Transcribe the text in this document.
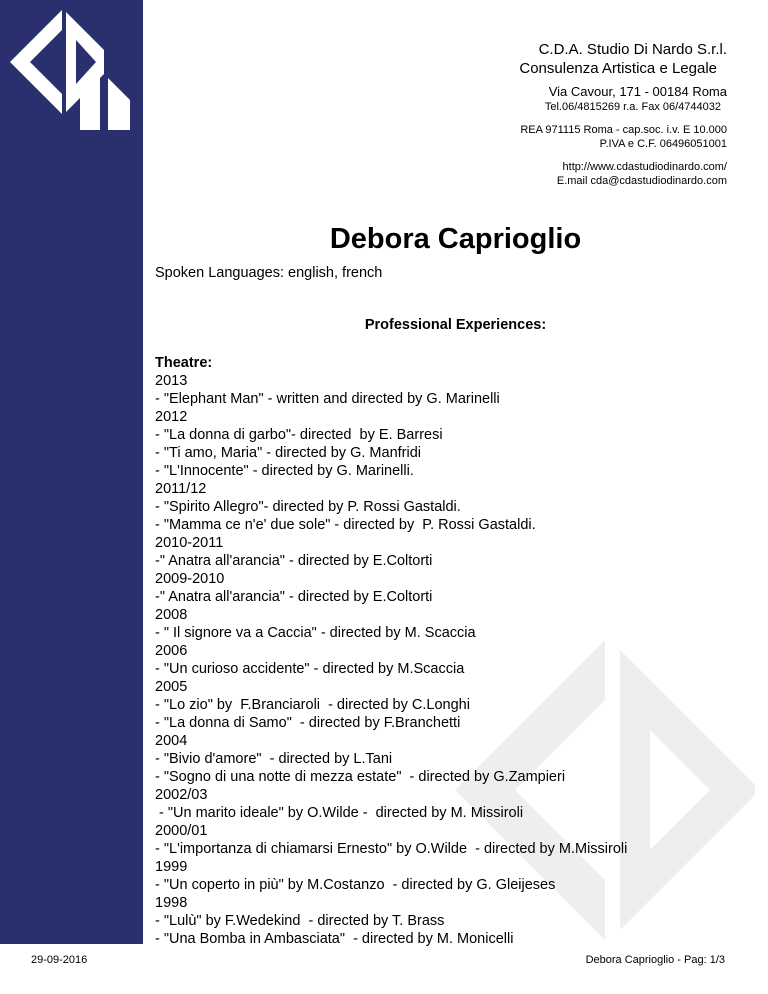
C.D.A. Studio Di Nardo S.r.l.
Consulenza Artistica e Legale
Via Cavour, 171 - 00184 Roma
Tel.06/4815269 r.a. Fax 06/4744032
REA 971115 Roma - cap.soc. i.v. E 10.000
P.IVA e C.F. 06496051001
http://www.cdastudiodinardo.com/
E.mail cda@cdastudiodinardo.com
Debora Caprioglio
Spoken Languages: english, french
Professional Experiences:
Theatre:
2013
- "Elephant Man" - written and directed by G. Marinelli
2012
- "La donna di garbo"- directed  by E. Barresi
- "Ti amo, Maria" - directed by G. Manfridi
- "L'Innocente" - directed by G. Marinelli.
2011/12
- "Spirito Allegro"- directed by P. Rossi Gastaldi.
- "Mamma ce n'e' due sole" - directed by  P. Rossi Gastaldi.
2010-2011
-" Anatra all'arancia" - directed by E.Coltorti
2009-2010
-" Anatra all'arancia" - directed by E.Coltorti
2008
- " Il signore va a Caccia" - directed by M. Scaccia
2006
- "Un curioso accidente" - directed by M.Scaccia
2005
- "Lo zio" by  F.Branciaroli  - directed by C.Longhi
- "La donna di Samo"  - directed by F.Branchetti
2004
- "Bivio d'amore"  - directed by L.Tani
- "Sogno di una notte di mezza estate"  - directed by G.Zampieri
2002/03
- "Un marito ideale" by O.Wilde -  directed by M. Missiroli
2000/01
- "L'importanza di chiamarsi Ernesto" by O.Wilde  - directed by M.Missiroli
1999
- "Un coperto in più" by M.Costanzo  - directed by G. Gleijeses
1998
- "Lulù" by F.Wedekind  - directed by T. Brass
- "Una Bomba in Ambasciata"  - directed by M. Monicelli
29-09-2016	Debora Caprioglio - Pag: 1/3
